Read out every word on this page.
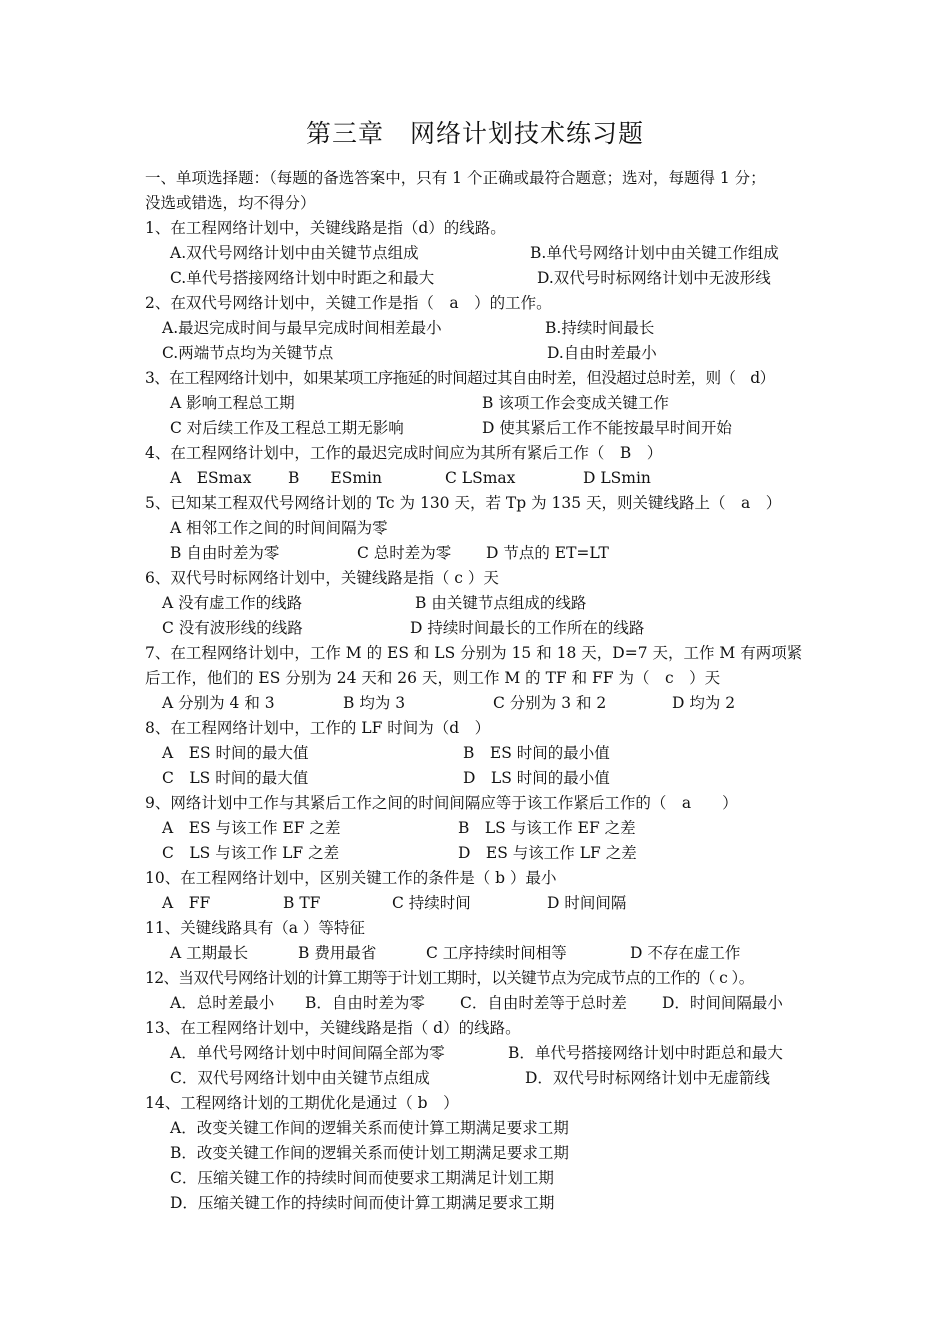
第三章　网络计划技术练习题

一、单项选择题：（每题的备选答案中，只有 1 个正确或最符合题意；选对，每题得 1 分；

没选或错选，均不得分）

1、在工程网络计划中，关键线路是指（d）的线路。

A.双代号网络计划中由关键节点组成	B.单代号网络计划中由关键工作组成

C.单代号搭接网络计划中时距之和最大	D.双代号时标网络计划中无波形线

2、在双代号网络计划中，关键工作是指（　a　）的工作。

A.最迟完成时间与最早完成时间相差最小	B.持续时间最长

C.两端节点均为关键节点	D.自由时差最小

3、在工程网络计划中，如果某项工序拖延的时间超过其自由时差，但没超过总时差，则（　d）

A 影响工程总工期	B 该项工作会变成关键工作

C 对后续工作及工程总工期无影响	D 使其紧后工作不能按最早时间开始

4、在工程网络计划中，工作的最迟完成时间应为其所有紧后工作（　B　）

A　ESmax B　　ESmin	C LSmax	D LSmin

5、已知某工程双代号网络计划的 Tc 为 130 天，若 Tp 为 135 天，则关键线路上（　a　）

A 相邻工作之间的时间间隔为零

B 自由时差为零	C 总时差为零 D 节点的 ET=LT

6、双代号时标网络计划中，关键线路是指（ c ）天

A 没有虚工作的线路	B 由关键节点组成的线路

C 没有波形线的线路	D 持续时间最长的工作所在的线路

7、在工程网络计划中，工作 M 的 ES 和 LS 分别为 15 和 18 天，D=7 天，工作 M 有两项紧

后工作，他们的 ES 分别为 24 天和 26 天，则工作 M 的 TF 和 FF 为（　c　）天

A 分别为 4 和 3	B 均为 3	C 分别为 3 和 2	D 均为 2

8、在工程网络计划中，工作的 LF 时间为（d　）

A　ES 时间的最大值	B　ES 时间的最小值

C　LS 时间的最大值	D　LS 时间的最小值

9、网络计划中工作与其紧后工作之间的时间间隔应等于该工作紧后工作的（　a　　）

A　ES 与该工作 EF 之差	B　LS 与该工作 EF 之差

C　LS 与该工作 LF 之差	D　ES 与该工作 LF 之差

10、在工程网络计划中，区别关键工作的条件是（ b ）最小

A　FF	B TF	C 持续时间	D 时间间隔

11、关键线路具有（a ）等特征

A 工期最长	B 费用最省	C 工序持续时间相等	D 不存在虚工作

12、当双代号网络计划的计算工期等于计划工期时，以关键节点为完成节点的工作的（ c ）。

A．总时差最小 B．自由时差为零 C．自由时差等于总时差 D．时间间隔最小

13、在工程网络计划中，关键线路是指（ d）的线路。

A．单代号网络计划中时间间隔全部为零	B．单代号搭接网络计划中时距总和最大

C．双代号网络计划中由关键节点组成	D．双代号时标网络计划中无虚箭线

14、工程网络计划的工期优化是通过（ b　）

A．改变关键工作间的逻辑关系而使计算工期满足要求工期

B．改变关键工作间的逻辑关系而使计划工期满足要求工期

C．压缩关键工作的持续时间而使要求工期满足计划工期

D．压缩关键工作的持续时间而使计算工期满足要求工期
